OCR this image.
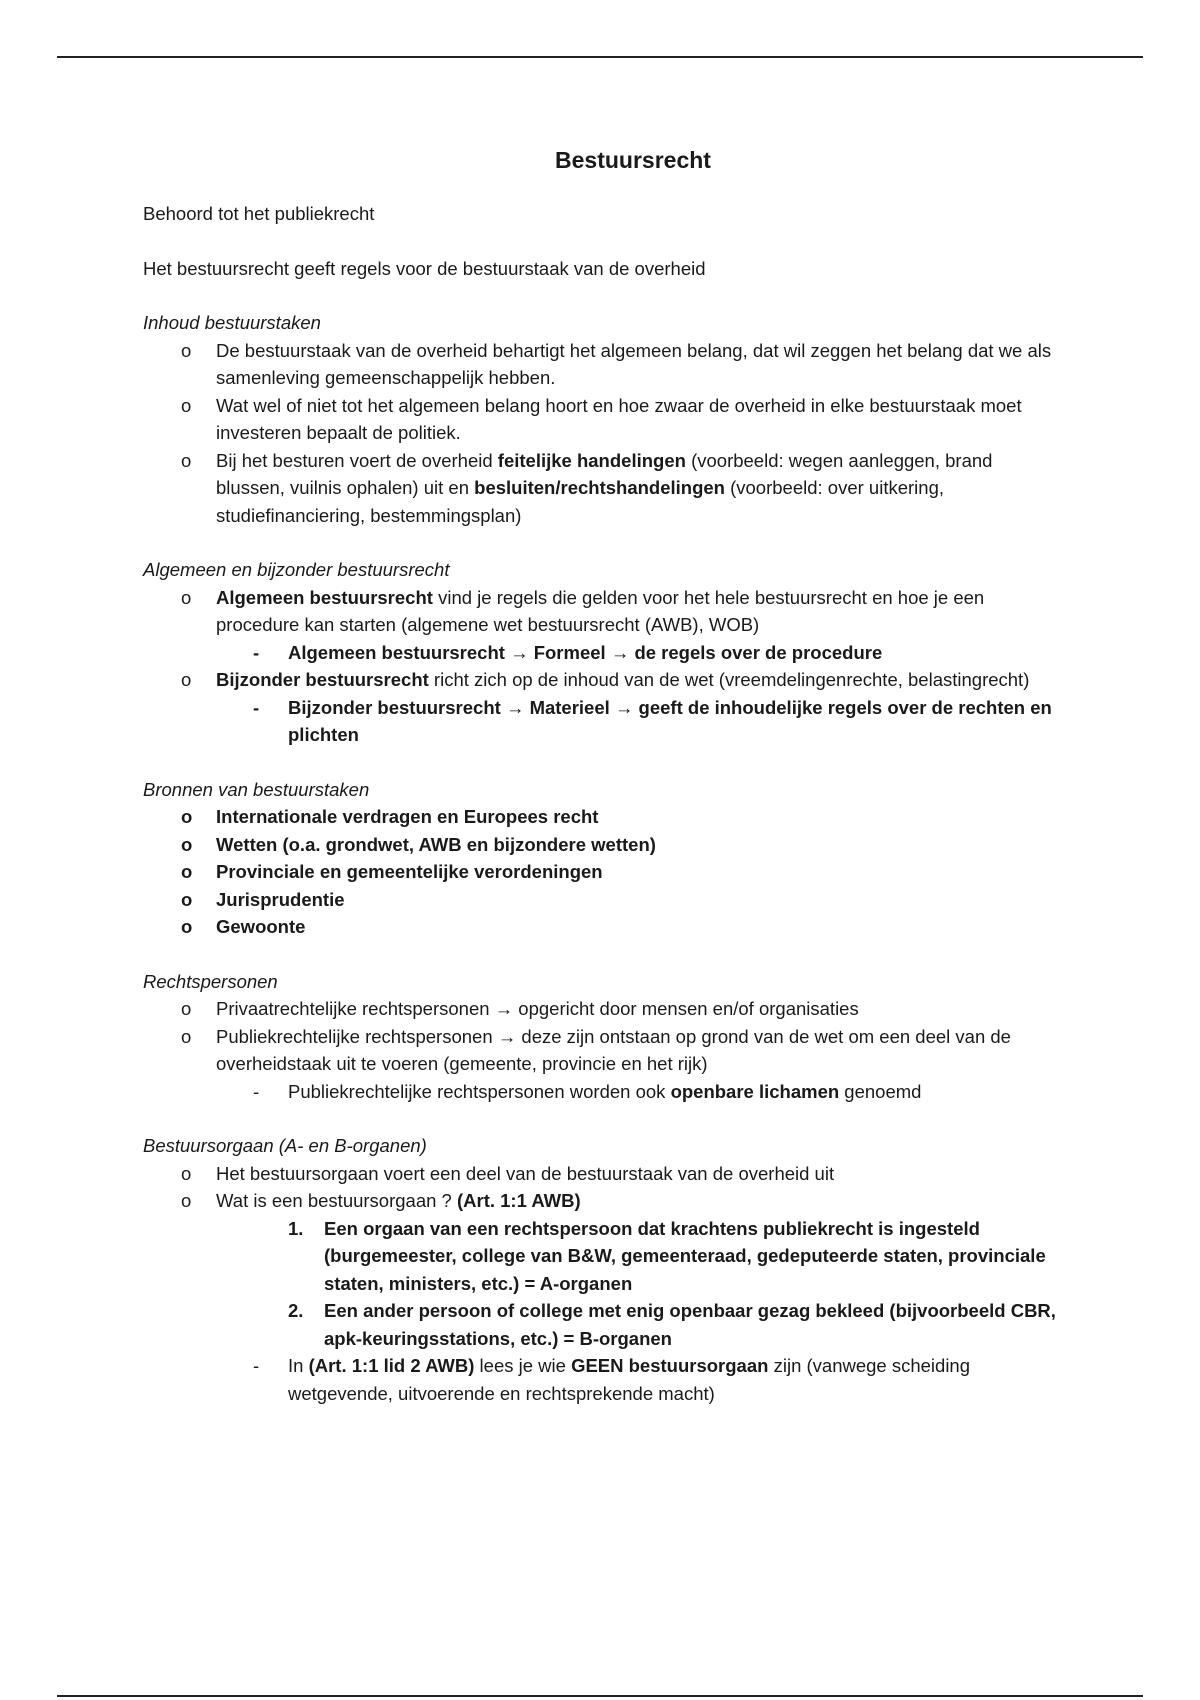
Bestuursrecht

Behoord tot het publiekrecht

Het bestuursrecht geeft regels voor de bestuurstaak van de overheid

Inhoud bestuurstaken

o	De bestuurstaak van de overheid behartigt het algemeen belang, dat wil zeggen het belang dat we als samenleving gemeenschappelijk hebben.
o	Wat wel of niet tot het algemeen belang hoort en hoe zwaar de overheid in elke bestuurstaak moet investeren bepaalt de politiek.
o	Bij het besturen voert de overheid feitelijke handelingen (voorbeeld: wegen aanleggen, brand blussen, vuilnis ophalen) uit en besluiten/rechtshandelingen (voorbeeld: over uitkering, studiefinanciering, bestemmingsplan)

Algemeen en bijzonder bestuursrecht

o	Algemeen bestuursrecht vind je regels die gelden voor het hele bestuursrecht en hoe je een procedure kan starten (algemene wet bestuursrecht (AWB), WOB)
-	Algemeen bestuursrecht → Formeel → de regels over de procedure
o	Bijzonder bestuursrecht richt zich op de inhoud van de wet (vreemdelingenrechte, belastingrecht)
-	Bijzonder bestuursrecht → Materieel → geeft de inhoudelijke regels over de rechten en plichten

Bronnen van bestuurstaken

o	Internationale verdragen en Europees recht
o	Wetten (o.a. grondwet, AWB en bijzondere wetten)
o	Provinciale en gemeentelijke verordeningen
o	Jurisprudentie
o	Gewoonte

Rechtspersonen

o	Privaatrechtelijke rechtspersonen → opgericht door mensen en/of organisaties
o	Publiekrechtelijke rechtspersonen → deze zijn ontstaan op grond van de wet om een deel van de overheidstaak uit te voeren (gemeente, provincie en het rijk)
-	Publiekrechtelijke rechtspersonen worden ook openbare lichamen genoemd

Bestuursorgaan (A- en B-organen)

o	Het bestuursorgaan voert een deel van de bestuurstaak van de overheid uit
o	Wat is een bestuursorgaan ? (Art. 1:1 AWB)
1.	Een orgaan van een rechtspersoon dat krachtens publiekrecht is ingesteld (burgemeester, college van B&W, gemeenteraad, gedeputeerde staten, provinciale staten, ministers, etc.) = A-organen
2.	Een ander persoon of college met enig openbaar gezag bekleed (bijvoorbeeld CBR, apk-keuringsstations, etc.) = B-organen
-	In (Art. 1:1 lid 2 AWB) lees je wie GEEN bestuursorgaan zijn (vanwege scheiding wetgevende, uitvoerende en rechtsprekende macht)
